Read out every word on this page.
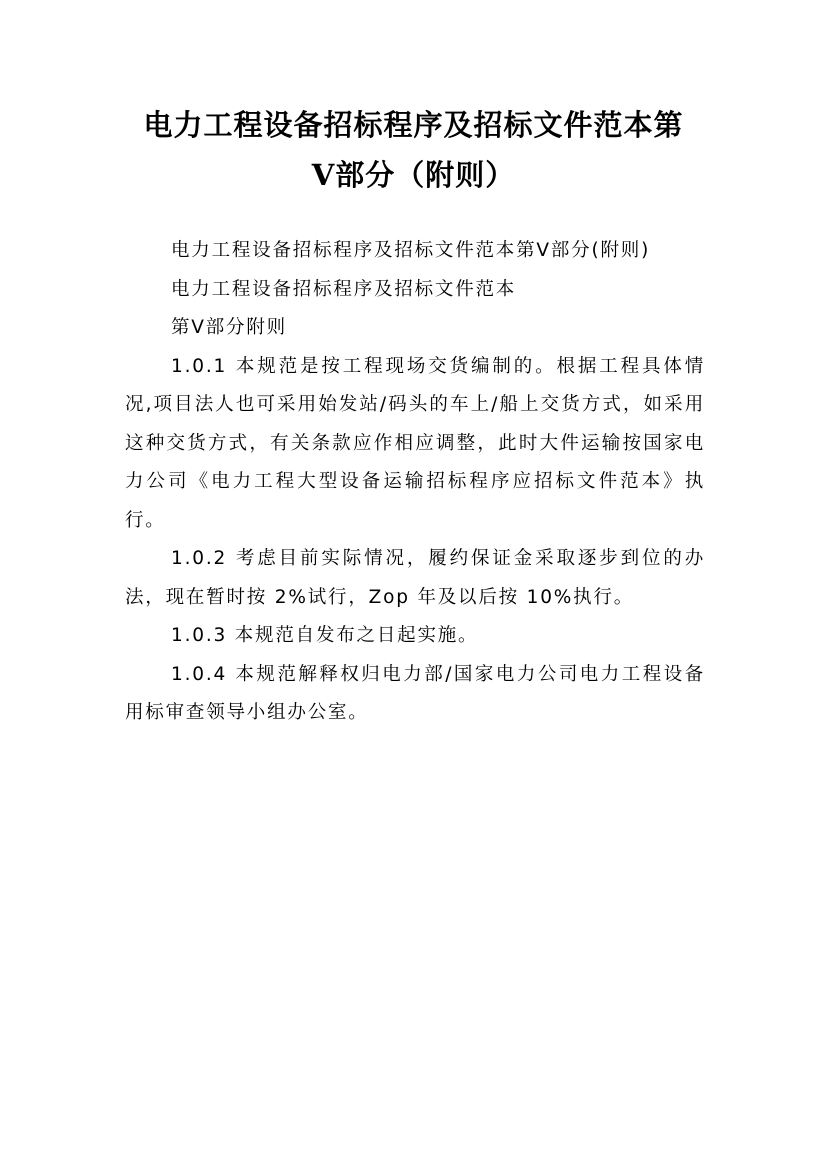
电力工程设备招标程序及招标文件范本第
Ⅴ部分（附则）

电力工程设备招标程序及招标文件范本第Ⅴ部分(附则)

电力工程设备招标程序及招标文件范本

第Ⅴ部分附则

1.0.1 本规范是按工程现场交货编制的。根据工程具体情况,项目法人也可采用始发站/码头的车上/船上交货方式，如采用这种交货方式，有关条款应作相应调整，此时大件运输按国家电力公司《电力工程大型设备运输招标程序应招标文件范本》执行。

1.0.2 考虑目前实际情况，履约保证金采取逐步到位的办法，现在暂时按 2%试行，Zop 年及以后按 10%执行。

1.0.3 本规范自发布之日起实施。

1.0.4 本规范解释权归电力部/国家电力公司电力工程设备用标审查领导小组办公室。
